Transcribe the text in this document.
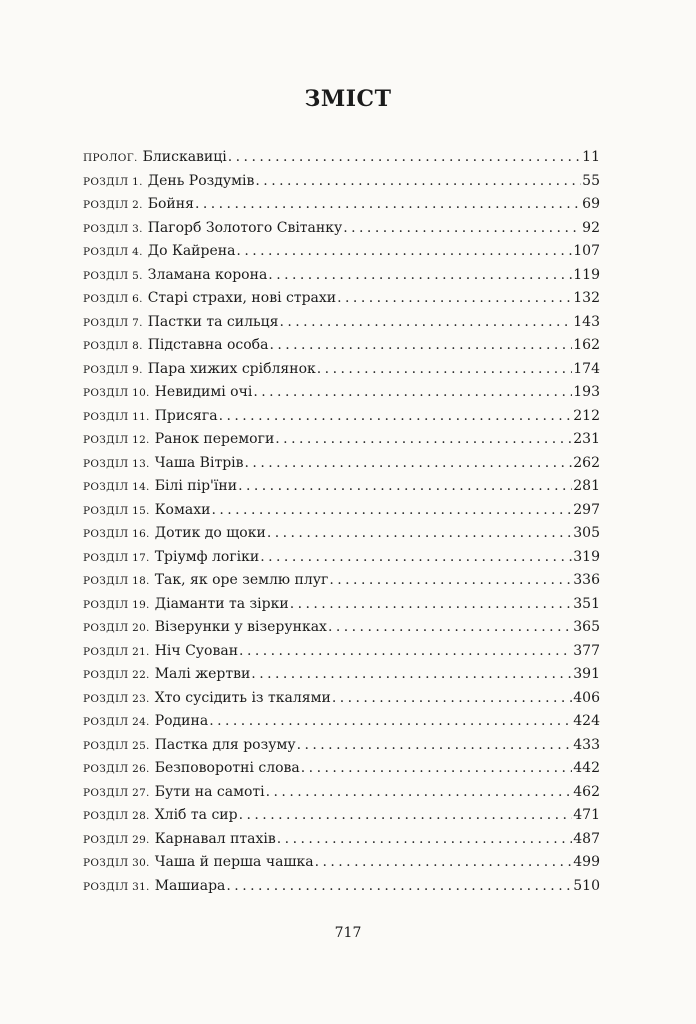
ЗМІСТ
ПРОЛОГ. Блискавиці . . .	11
РОЗДІЛ 1. День Роздумів . . .	55
РОЗДІЛ 2. Бойня . . .	69
РОЗДІЛ 3. Пагорб Золотого Світанку . . .	92
РОЗДІЛ 4. До Кайрена . . .	107
РОЗДІЛ 5. Зламана корона . . .	119
РОЗДІЛ 6. Старі страхи, нові страхи . . .	132
РОЗДІЛ 7. Пастки та сильця . . .	143
РОЗДІЛ 8. Підставна особа . . .	162
РОЗДІЛ 9. Пара хижих сріблянок . . .	174
РОЗДІЛ 10. Невидимі очі . . .	193
РОЗДІЛ 11. Присяга . . .	212
РОЗДІЛ 12. Ранок перемоги . . .	231
РОЗДІЛ 13. Чаша Вітрів . . .	262
РОЗДІЛ 14. Білі пір'їни . . .	281
РОЗДІЛ 15. Комахи . . .	297
РОЗДІЛ 16. Дотик до щоки . . .	305
РОЗДІЛ 17. Тріумф логіки . . .	319
РОЗДІЛ 18. Так, як оре землю плуг . . .	336
РОЗДІЛ 19. Діаманти та зірки . . .	351
РОЗДІЛ 20. Візерунки у візерунках . . .	365
РОЗДІЛ 21. Ніч Суован . . .	377
РОЗДІЛ 22. Малі жертви . . .	391
РОЗДІЛ 23. Хто сусідить із ткалями . . .	406
РОЗДІЛ 24. Родина . . .	424
РОЗДІЛ 25. Пастка для розуму . . .	433
РОЗДІЛ 26. Безповоротні слова . . .	442
РОЗДІЛ 27. Бути на самоті . . .	462
РОЗДІЛ 28. Хліб та сир . . .	471
РОЗДІЛ 29. Карнавал птахів . . .	487
РОЗДІЛ 30. Чаша й перша чашка . . .	499
РОЗДІЛ 31. Машиара . . .	510
717
